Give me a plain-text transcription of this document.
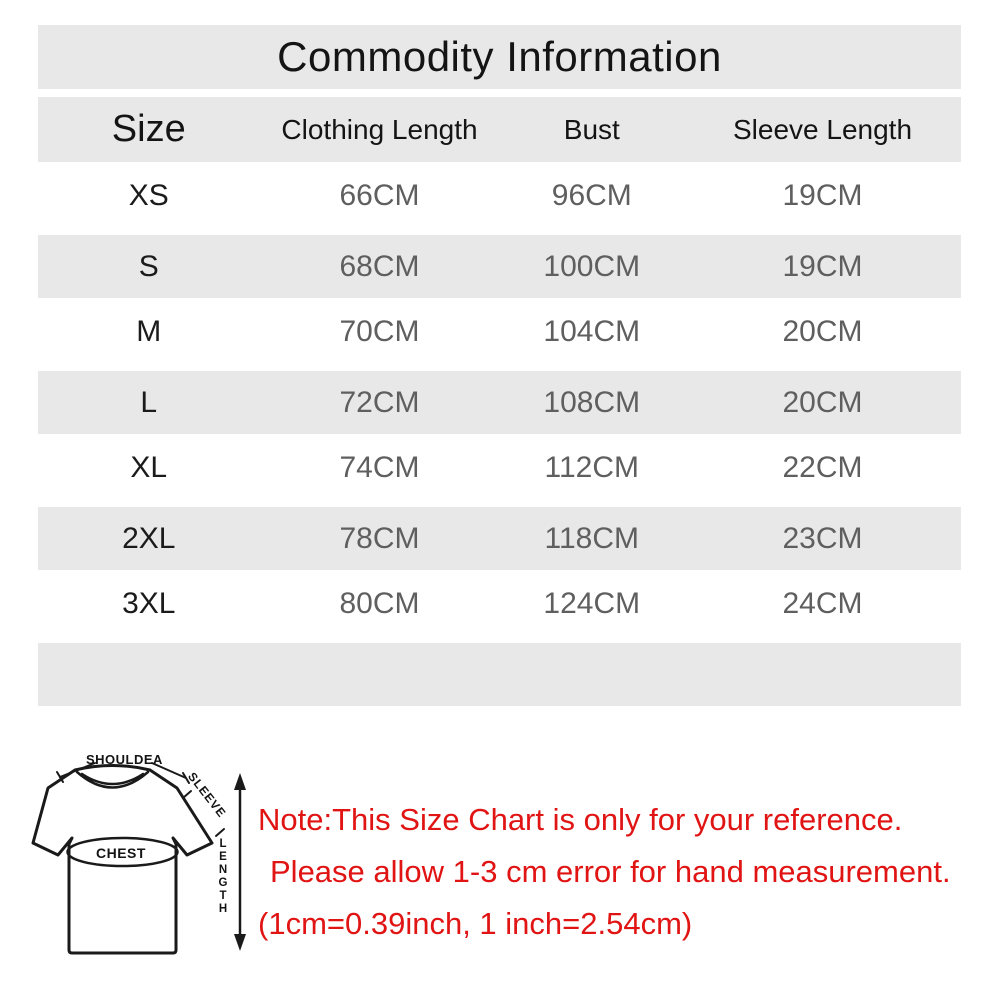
Commodity Information
Size	Clothing Length	Bust	Sleeve Length
XS	66CM	96CM	19CM
S	68CM	100CM	19CM
M	70CM	104CM	20CM
L	72CM	108CM	20CM
XL	74CM	112CM	22CM
2XL	78CM	118CM	23CM
3XL	80CM	124CM	24CM
SHOULDEA
SLEEVE
CHEST	LENGTH
Note:This Size Chart is only for your reference.
Please allow 1-3 cm error for hand measurement.
(1cm=0.39inch, 1 inch=2.54cm)
